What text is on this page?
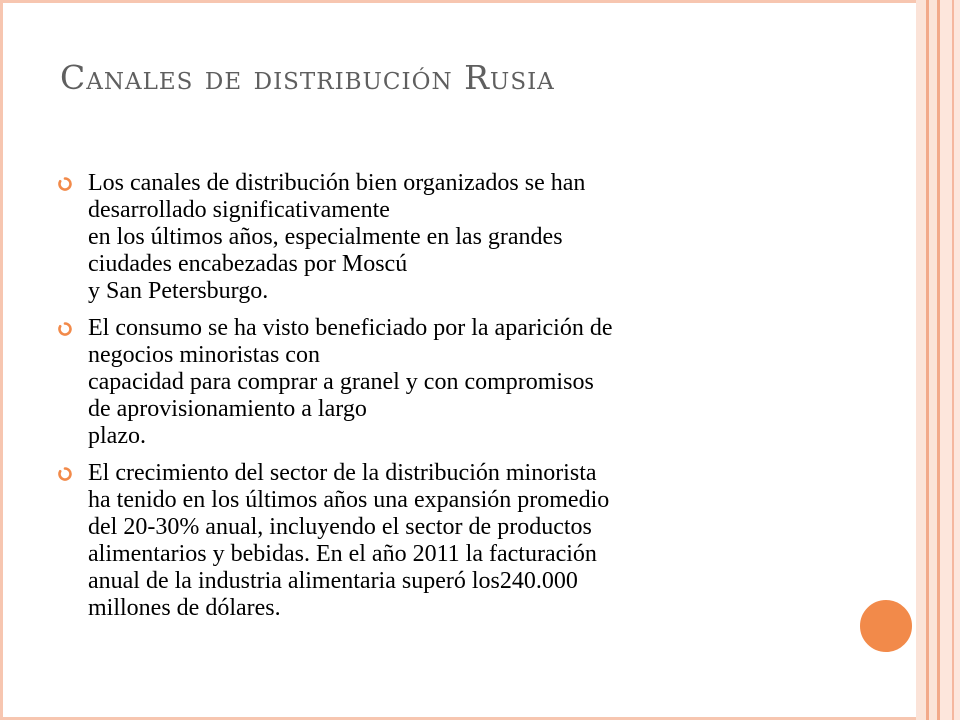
Canales de distribución Rusia
Los canales de distribución bien organizados se han
desarrollado significativamente
en los últimos años, especialmente en las grandes
ciudades encabezadas por Moscú
y San Petersburgo.
El consumo se ha visto beneficiado por la aparición de
negocios minoristas con
capacidad para comprar a granel y con compromisos
de aprovisionamiento a largo
plazo.
El crecimiento del sector de la distribución minorista
ha tenido en los últimos años una expansión promedio
del 20-30% anual, incluyendo el sector de productos
alimentarios y bebidas. En el año 2011 la facturación
anual de la industria alimentaria superó los240.000
millones de dólares.
